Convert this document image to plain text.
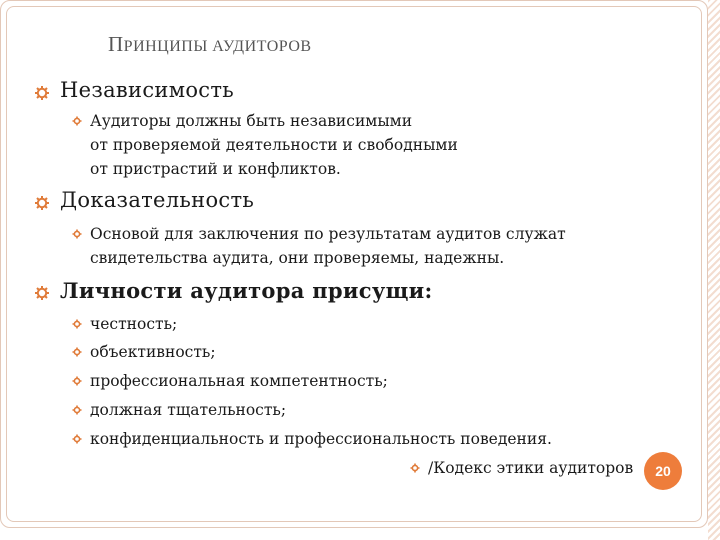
ПРИНЦИПЫ АУДИТОРОВ
Независимость
Аудиторы должны быть независимыми
от проверяемой деятельности и свободными
от пристрастий и конфликтов.
Доказательность
Основой для заключения по результатам аудитов служат
свидетельства аудита, они проверяемы, надежны.
Личности аудитора присущи:
честность;
объективность;
профессиональная компетентность;
должная тщательность;
конфиденциальность и профессиональность поведения.
/Кодекс этики аудиторов	20
